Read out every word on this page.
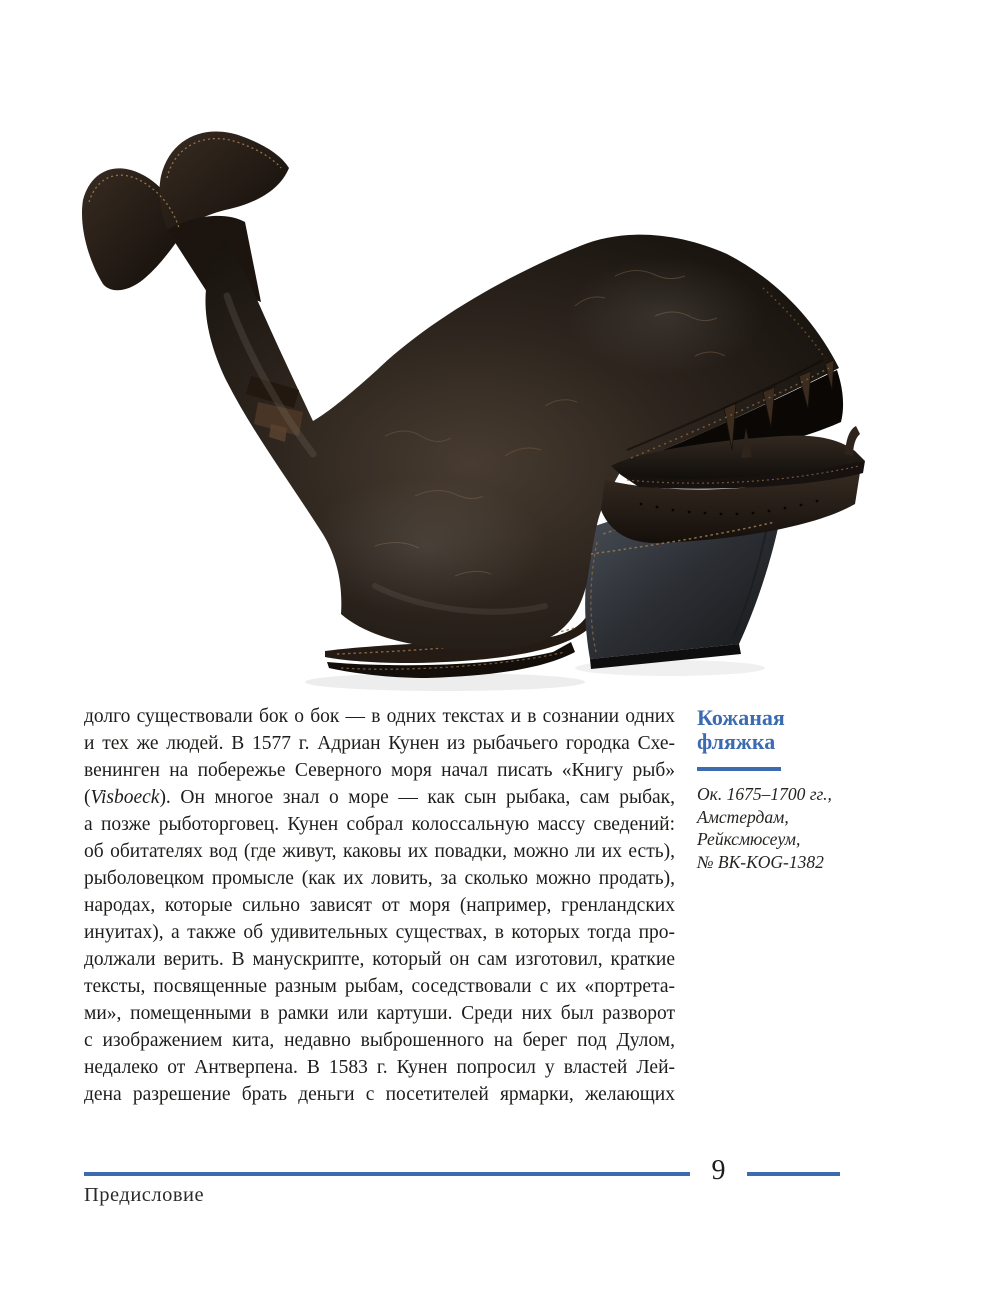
долго существовали бок о бок — в одних текстах и в сознании одних
и тех же людей. В 1577 г. Адриан Кунен из рыбачьего городка Схе-
венинген на побережье Северного моря начал писать «Книгу рыб»
(Visboeck). Он многое знал о море — как сын рыбака, сам рыбак,
а позже рыботорговец. Кунен собрал колоссальную массу сведений:
об обитателях вод (где живут, каковы их повадки, можно ли их есть),
рыболовецком промысле (как их ловить, за сколько можно продать),
народах, которые сильно зависят от моря (например, гренландских
инуитах), а также об удивительных существах, в которых тогда про-
должали верить. В манускрипте, который он сам изготовил, краткие
тексты, посвященные разным рыбам, соседствовали с их «портрета-
ми», помещенными в рамки или картуши. Среди них был разворот
с изображением кита, недавно выброшенного на берег под Дулом,
недалеко от Антверпена. В 1583 г. Кунен попросил у властей Лей-
дена разрешение брать деньги с посетителей ярмарки, желающих
Кожаная
фляжка
Ок. 1675–1700 гг.,
Амстердам,
Рейксмюсеум,
№ BK-KOG-1382
9
Предисловие
